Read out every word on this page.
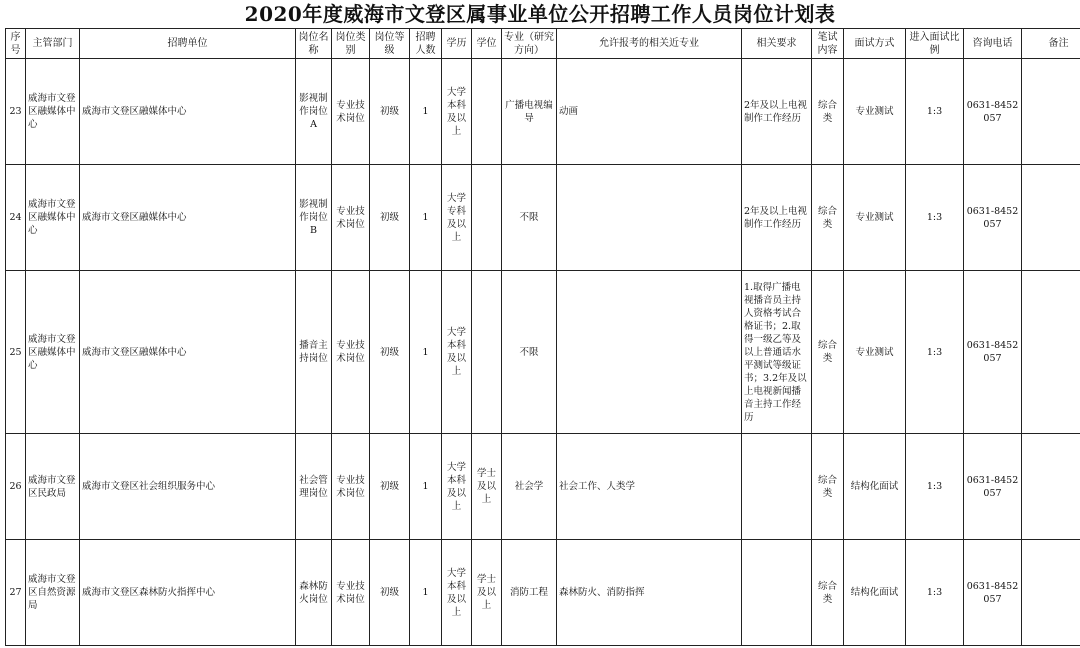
2020年度威海市文登区属事业单位公开招聘工作人员岗位计划表
序号	主管部门	招聘单位	岗位名称	岗位类别	岗位等级	招聘人数	学历	学位	专业（研究方向）	允许报考的相关近专业	相关要求	笔试内容	面试方式	进入面试比例	咨询电话	备注
23	威海市文登区融媒体中心	威海市文登区融媒体中心	影视制作岗位A	专业技术岗位	初级	1	大学本科及以上		广播电视编导	动画	2年及以上电视制作工作经历	综合类	专业测试	1:3	0631-8452057	
24	威海市文登区融媒体中心	威海市文登区融媒体中心	影视制作岗位B	专业技术岗位	初级	1	大学专科及以上		不限		2年及以上电视制作工作经历	综合类	专业测试	1:3	0631-8452057	
25	威海市文登区融媒体中心	威海市文登区融媒体中心	播音主持岗位	专业技术岗位	初级	1	大学本科及以上		不限		1.取得广播电视播音员主持人资格考试合格证书；2.取得一级乙等及以上普通话水平测试等级证书；3.2年及以上电视新闻播音主持工作经历	综合类	专业测试	1:3	0631-8452057	
26	威海市文登区民政局	威海市文登区社会组织服务中心	社会管理岗位	专业技术岗位	初级	1	大学本科及以上	学士及以上	社会学	社会工作、人类学		综合类	结构化面试	1:3	0631-8452057	
27	威海市文登区自然资源局	威海市文登区森林防火指挥中心	森林防火岗位	专业技术岗位	初级	1	大学本科及以上	学士及以上	消防工程	森林防火、消防指挥		综合类	结构化面试	1:3	0631-8452057	
